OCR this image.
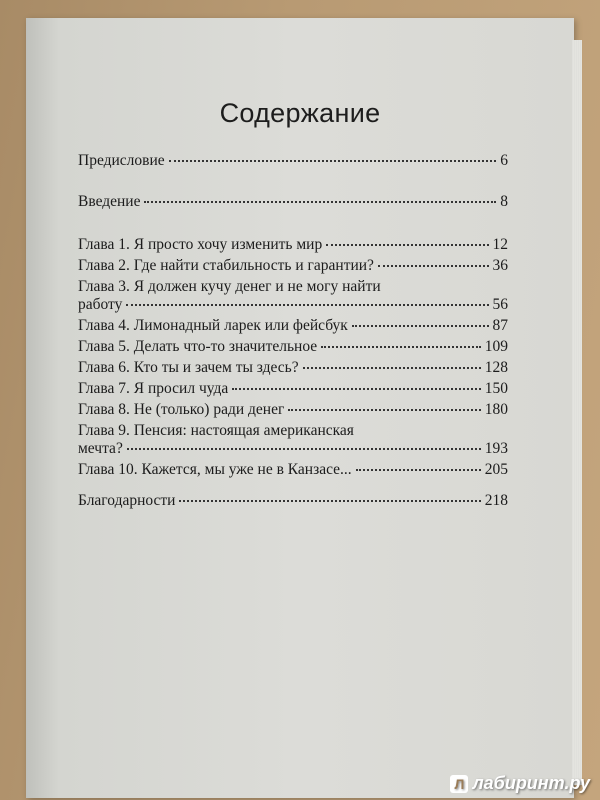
Содержание
Предисловие	6
Введение	8
Глава 1. Я просто хочу изменить мир	12
Глава 2. Где найти стабильность и гарантии?	36
Глава 3. Я должен кучу денег и не могу найти
работу	56
Глава 4. Лимонадный ларек или фейсбук	87
Глава 5. Делать что-то значительное	109
Глава 6. Кто ты и зачем ты здесь?	128
Глава 7. Я просил чуда	150
Глава 8. Не (только) ради денег	180
Глава 9. Пенсия: настоящая американская
мечта?	193
Глава 10. Кажется, мы уже не в Канзасе...	205
Благодарности	218
Л лабиринт.ру
